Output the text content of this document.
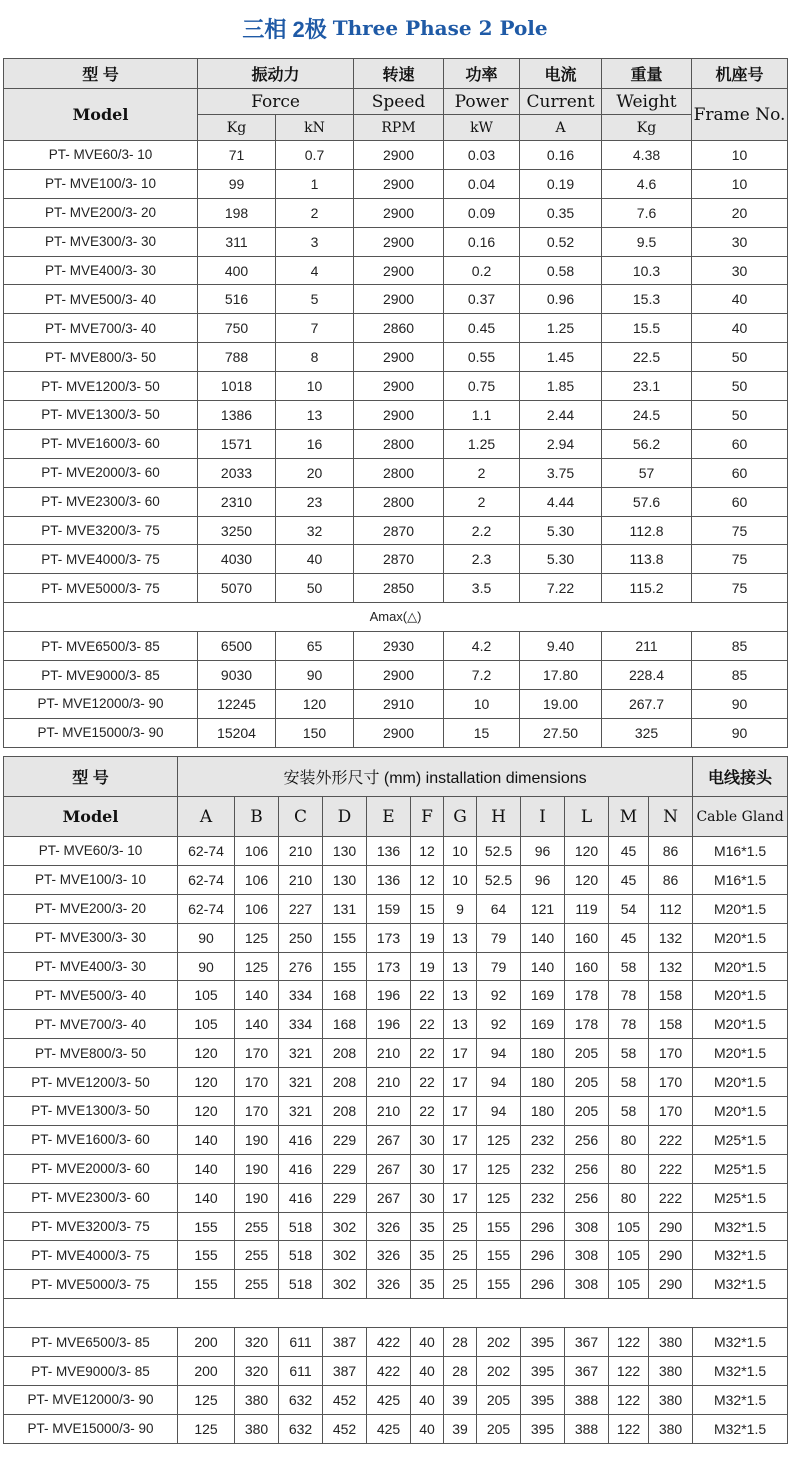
三相 2极 Three Phase 2 Pole
型 号	振动力		转速	功率	电流	重量	机座号
Model	Force		Speed	Power	Current	Weight	Frame No.
	Kg	kN	RPM	kW	A	Kg	
PT- MVE60/3- 10	71	0.7	2900	0.03	0.16	4.38	10
PT- MVE100/3- 10	99	1	2900	0.04	0.19	4.6	10
PT- MVE200/3- 20	198	2	2900	0.09	0.35	7.6	20
PT- MVE300/3- 30	311	3	2900	0.16	0.52	9.5	30
PT- MVE400/3- 30	400	4	2900	0.2	0.58	10.3	30
PT- MVE500/3- 40	516	5	2900	0.37	0.96	15.3	40
PT- MVE700/3- 40	750	7	2860	0.45	1.25	15.5	40
PT- MVE800/3- 50	788	8	2900	0.55	1.45	22.5	50
PT- MVE1200/3- 50	1018	10	2900	0.75	1.85	23.1	50
PT- MVE1300/3- 50	1386	13	2900	1.1	2.44	24.5	50
PT- MVE1600/3- 60	1571	16	2800	1.25	2.94	56.2	60
PT- MVE2000/3- 60	2033	20	2800	2	3.75	57	60
PT- MVE2300/3- 60	2310	23	2800	2	4.44	57.6	60
PT- MVE3200/3- 75	3250	32	2870	2.2	5.30	112.8	75
PT- MVE4000/3- 75	4030	40	2870	2.3	5.30	113.8	75
PT- MVE5000/3- 75	5070	50	2850	3.5	7.22	115.2	75
Amax(△)							
PT- MVE6500/3- 85	6500	65	2930	4.2	9.40	211	85
PT- MVE9000/3- 85	9030	90	2900	7.2	17.80	228.4	85
PT- MVE12000/3- 90	12245	120	2910	10	19.00	267.7	90
PT- MVE15000/3- 90	15204	150	2900	15	27.50	325	90
型 号	安装外形尺寸 (mm) installation dimensions												电线接头
Model	A	B	C	D	E	F	G	H	I	L	M	N	Cable Gland
PT- MVE60/3- 10	62-74	106	210	130	136	12	10	52.5	96	120	45	86	M16*1.5
PT- MVE100/3- 10	62-74	106	210	130	136	12	10	52.5	96	120	45	86	M16*1.5
PT- MVE200/3- 20	62-74	106	227	131	159	15	9	64	121	119	54	112	M20*1.5
PT- MVE300/3- 30	90	125	250	155	173	19	13	79	140	160	45	132	M20*1.5
PT- MVE400/3- 30	90	125	276	155	173	19	13	79	140	160	58	132	M20*1.5
PT- MVE500/3- 40	105	140	334	168	196	22	13	92	169	178	78	158	M20*1.5
PT- MVE700/3- 40	105	140	334	168	196	22	13	92	169	178	78	158	M20*1.5
PT- MVE800/3- 50	120	170	321	208	210	22	17	94	180	205	58	170	M20*1.5
PT- MVE1200/3- 50	120	170	321	208	210	22	17	94	180	205	58	170	M20*1.5
PT- MVE1300/3- 50	120	170	321	208	210	22	17	94	180	205	58	170	M20*1.5
PT- MVE1600/3- 60	140	190	416	229	267	30	17	125	232	256	80	222	M25*1.5
PT- MVE2000/3- 60	140	190	416	229	267	30	17	125	232	256	80	222	M25*1.5
PT- MVE2300/3- 60	140	190	416	229	267	30	17	125	232	256	80	222	M25*1.5
PT- MVE3200/3- 75	155	255	518	302	326	35	25	155	296	308	105	290	M32*1.5
PT- MVE4000/3- 75	155	255	518	302	326	35	25	155	296	308	105	290	M32*1.5
PT- MVE5000/3- 75	155	255	518	302	326	35	25	155	296	308	105	290	M32*1.5

PT- MVE6500/3- 85	200	320	611	387	422	40	28	202	395	367	122	380	M32*1.5
PT- MVE9000/3- 85	200	320	611	387	422	40	28	202	395	367	122	380	M32*1.5
PT- MVE12000/3- 90	125	380	632	452	425	40	39	205	395	388	122	380	M32*1.5
PT- MVE15000/3- 90	125	380	632	452	425	40	39	205	395	388	122	380	M32*1.5
